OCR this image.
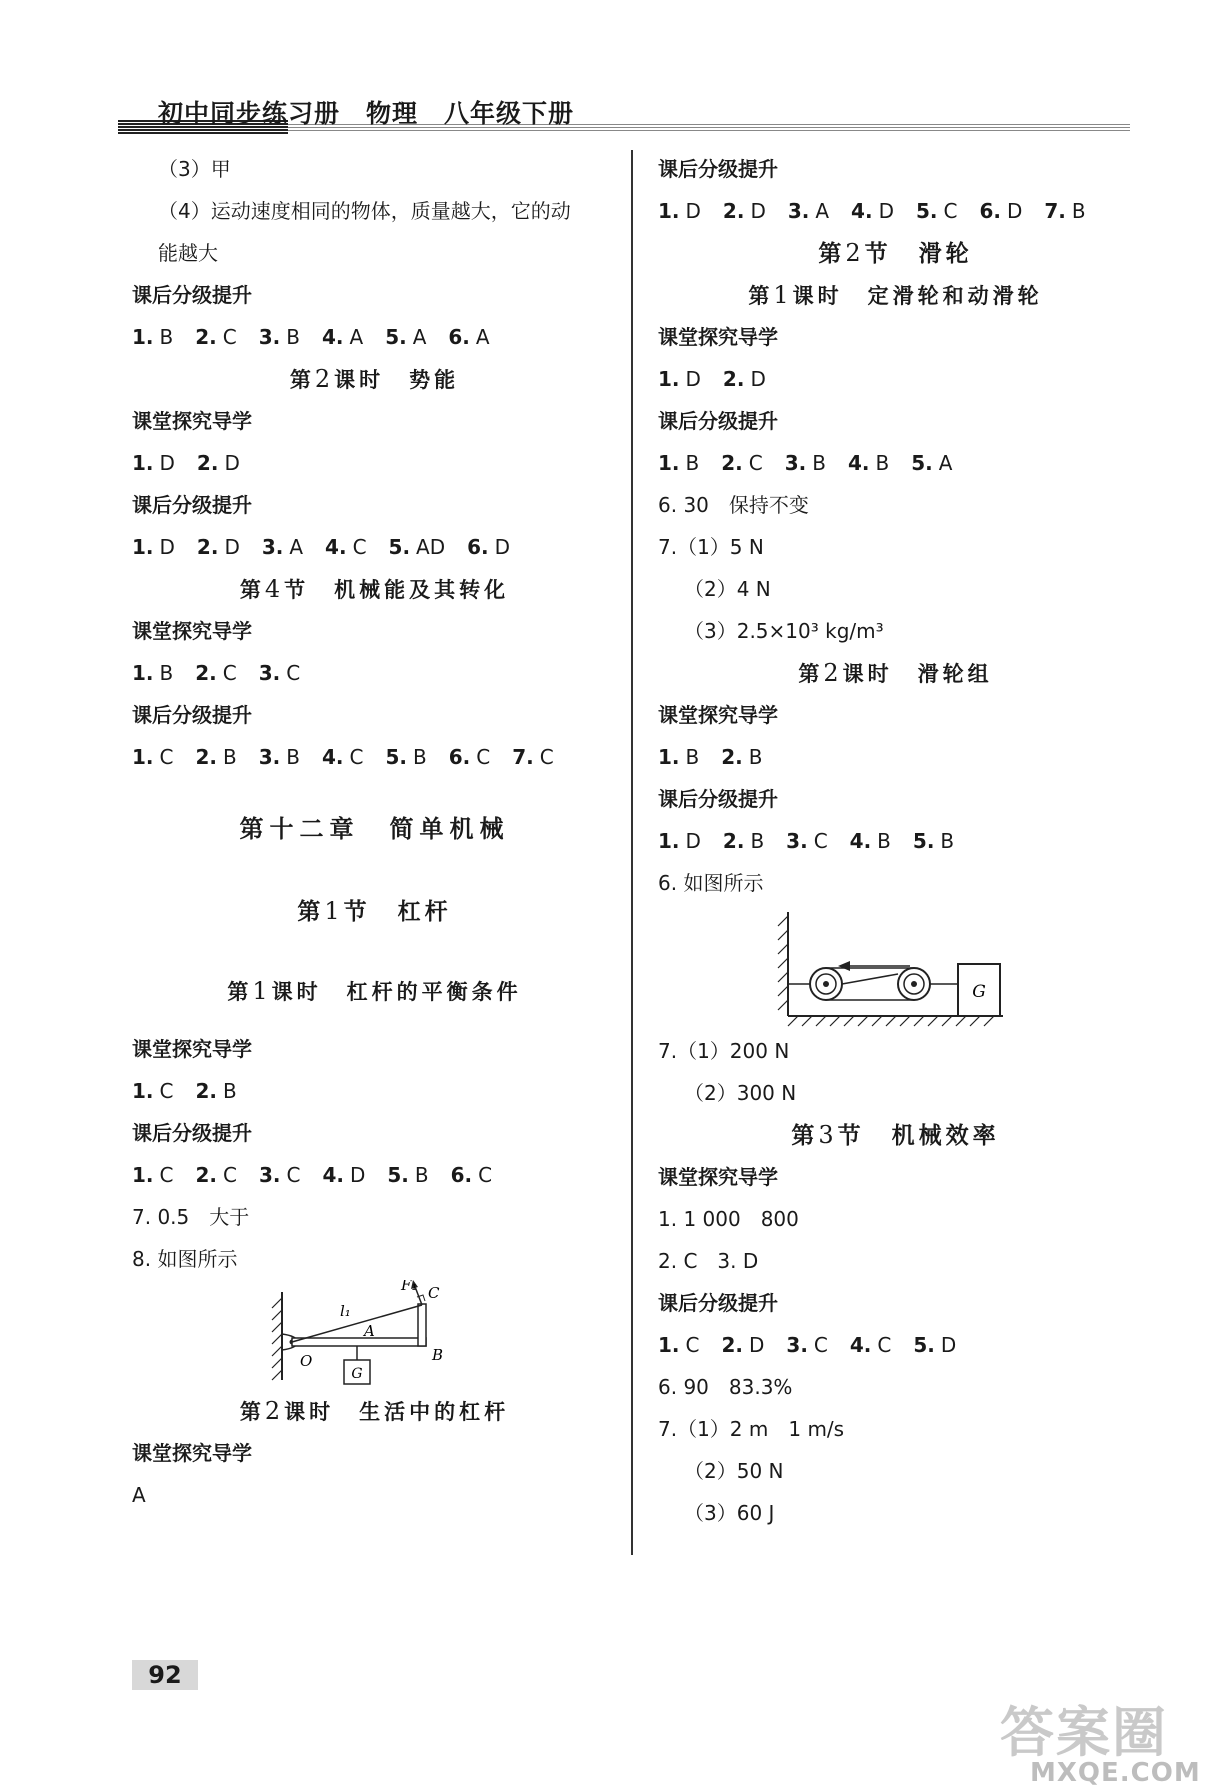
初中同步练习册　物理　八年级下册
（3）甲
（4）运动速度相同的物体，质量越大，它的动
能越大
课后分级提升
1. B 2. C 3. B 4. A 5. A 6. A
第2课时　势能
课堂探究导学
1. D 2. D
课后分级提升
1. D 2. D 3. A 4. C 5. AD 6. D
第4节　机械能及其转化
课堂探究导学
1. B 2. C 3. C
课后分级提升
1. C 2. B 3. B 4. C 5. B 6. C 7. C
第十二章　简单机械
第1节　杠杆
第1课时　杠杆的平衡条件
课堂探究导学
1. C 2. B
课后分级提升
1. C 2. C 3. C 4. D 5. B 6. C
7. 0.5　大于
8. 如图所示
G
F₁ C
l₁
A
O	B
第2课时　生活中的杠杆
课堂探究导学
A
课后分级提升
1. D 2. D 3. A 4. D 5. C 6. D 7. B
第2节　滑轮
第1课时　定滑轮和动滑轮
课堂探究导学
1. D 2. D
课后分级提升
1. B 2. C 3. B 4. B 5. A
6. 30　保持不变
7.（1）5 N
（2）4 N
（3）2.5×10³ kg/m³
第2课时　滑轮组
课堂探究导学
1. B 2. B
课后分级提升
1. D 2. B 3. C 4. B 5. B
6. 如图所示
G
7.（1）200 N
（2）300 N
第3节　机械效率
课堂探究导学
1. 1 000　800
2. C　3. D
课后分级提升
1. C 2. D 3. C 4. C 5. D
6. 90　83.3%
7.（1）2 m　1 m/s
（2）50 N
（3）60 J
92
答案圈
MXQE.COM
